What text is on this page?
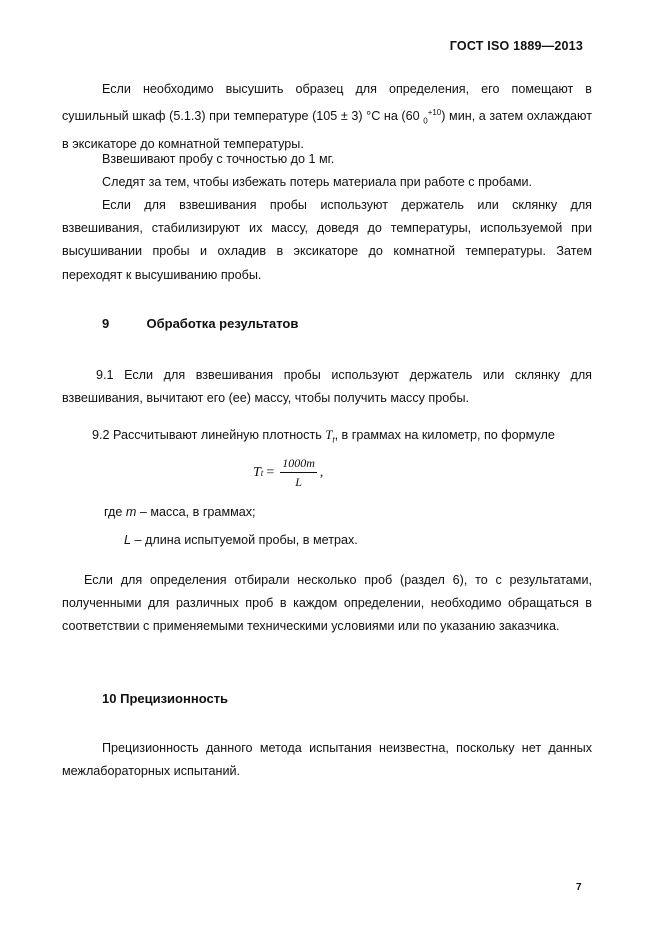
ГОСТ ISO 1889—2013

Если необходимо высушить образец для определения, его помещают в сушильный шкаф (5.1.3) при температуре (105 ± 3) °С на (60 $_0^{+10}$) мин, а затем охлаждают в эксикаторе до комнатной температуры.

Взвешивают пробу с точностью до 1 мг.

Следят за тем, чтобы избежать потерь материала при работе с пробами.

Если для взвешивания пробы используют держатель или склянку для взвешивания, стабилизируют их массу, доведя до температуры, используемой при высушивании пробы и охладив в эксикаторе до комнатной температуры. Затем переходят к высушиванию пробы.

9	Обработка результатов

9.1 Если для взвешивания пробы используют держатель или склянку для взвешивания, вычитают его (ее) массу, чтобы получить массу пробы.

9.2 Рассчитывают линейную плотность $T_t$, в граммах на километр, по формуле

T $t = \frac{1000m}{L}$ ,

где m – масса, в граммах;

L – длина испытуемой пробы, в метрах.

Если для определения отбирали несколько проб (раздел 6), то с результатами, полученными для различных проб в каждом определении, необходимо обращаться в соответствии с применяемыми техническими условиями или по указанию заказчика.

10 Прецизионность

Прецизионность данного метода испытания неизвестна, поскольку нет данных межлабораторных испытаний.

7
